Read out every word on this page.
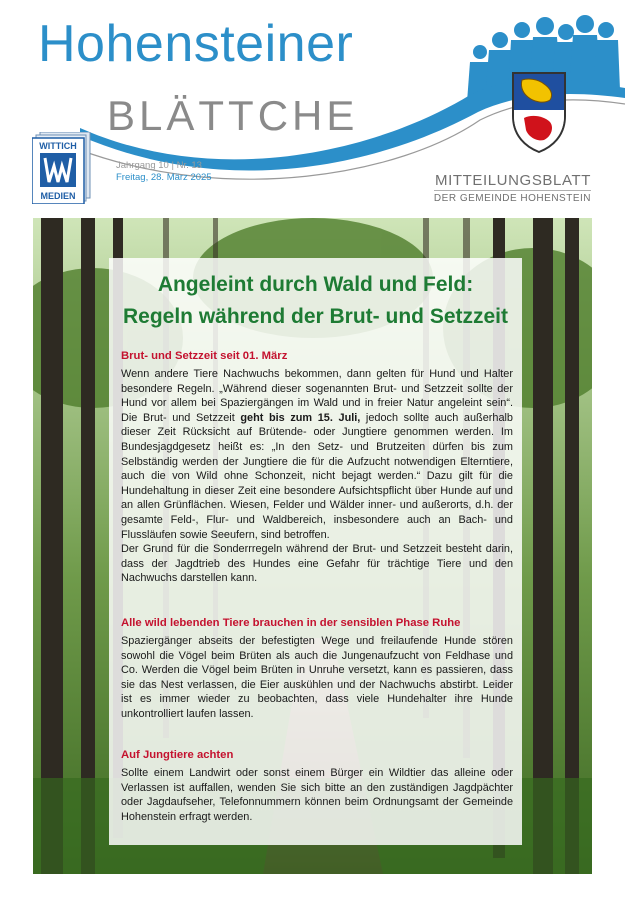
Hohensteiner
BLÄTTCHE
WITTICH
MEDIEN
Jahrgang 10 | Nr. 13
Freitag, 28. März 2025	MITTEILUNGSBLATT
DER GEMEINDE HOHENSTEIN
Angeleint durch Wald und Feld:
Regeln während der Brut- und Setzzeit
Brut- und Setzzeit seit 01. März

Wenn andere Tiere Nachwuchs bekommen, dann gelten für Hund und Halter besondere Regeln. „Während dieser sogenannten Brut- und Setzzeit sollte der Hund vor allem bei Spaziergängen im Wald und in freier Natur angeleint sein“. Die Brut- und Setzzeit geht bis zum 15. Juli, jedoch sollte auch außerhalb dieser Zeit Rücksicht auf Brütende- oder Jungtiere genommen werden. Im Bundesjagdgesetz heißt es: „In den Setz- und Brutzeiten dürfen bis zum Selbständig werden der Jungtiere die für die Aufzucht notwendigen Elterntiere, auch die von Wild ohne Schonzeit, nicht bejagt werden.“ Dazu gilt für die Hundehaltung in dieser Zeit eine besondere Aufsichtspflicht über Hunde auf und an allen Grünflächen. Wiesen, Felder und Wälder inner- und außerorts, d.h. der gesamte Feld-, Flur- und Waldbereich, insbesondere auch an Bach- und Flussläufen sowie Seeufern, sind betroffen.

Der Grund für die Sonderrregeln während der Brut- und Setzzeit besteht darin, dass der Jagdtrieb des Hundes eine Gefahr für trächtige Tiere und den Nachwuchs darstellen kann.

Alle wild lebenden Tiere brauchen in der sensiblen Phase Ruhe

Spaziergänger abseits der befestigten Wege und freilaufende Hunde stören sowohl die Vögel beim Brüten als auch die Jungenaufzucht von Feldhase und Co. Werden die Vögel beim Brüten in Unruhe versetzt, kann es passieren, dass sie das Nest verlassen, die Eier auskühlen und der Nachwuchs abstirbt. Leider ist es immer wieder zu beobachten, dass viele Hundehalter ihre Hunde unkontrolliert laufen lassen.

Auf Jungtiere achten

Sollte einem Landwirt oder sonst einem Bürger ein Wildtier das alleine oder Verlassen ist auffallen, wenden Sie sich bitte an den zuständigen Jagdpächter oder Jagdaufseher, Telefonnummern können beim Ordnungsamt der Gemeinde Hohenstein erfragt werden.
